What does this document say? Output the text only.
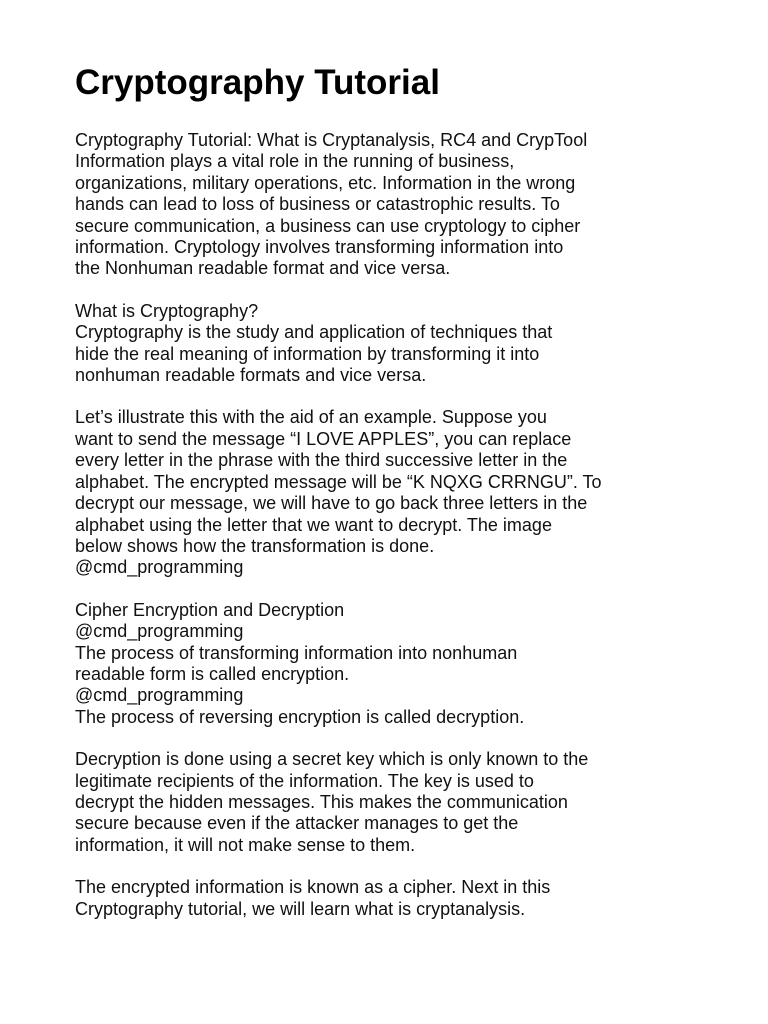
Cryptography Tutorial
Cryptography Tutorial: What is Cryptanalysis, RC4 and CrypTool
Information plays a vital role in the running of business,
organizations, military operations, etc. Information in the wrong
hands can lead to loss of business or catastrophic results. To
secure communication, a business can use cryptology to cipher
information. Cryptology involves transforming information into
the Nonhuman readable format and vice versa.
What is Cryptography?
Cryptography is the study and application of techniques that
hide the real meaning of information by transforming it into
nonhuman readable formats and vice versa.
Let’s illustrate this with the aid of an example. Suppose you
want to send the message “I LOVE APPLES”, you can replace
every letter in the phrase with the third successive letter in the
alphabet. The encrypted message will be “K NQXG CRRNGU”. To
decrypt our message, we will have to go back three letters in the
alphabet using the letter that we want to decrypt. The image
below shows how the transformation is done.
@cmd_programming
Cipher Encryption and Decryption
@cmd_programming
The process of transforming information into nonhuman
readable form is called encryption.
@cmd_programming
The process of reversing encryption is called decryption.
Decryption is done using a secret key which is only known to the
legitimate recipients of the information. The key is used to
decrypt the hidden messages. This makes the communication
secure because even if the attacker manages to get the
information, it will not make sense to them.
The encrypted information is known as a cipher. Next in this
Cryptography tutorial, we will learn what is cryptanalysis.
